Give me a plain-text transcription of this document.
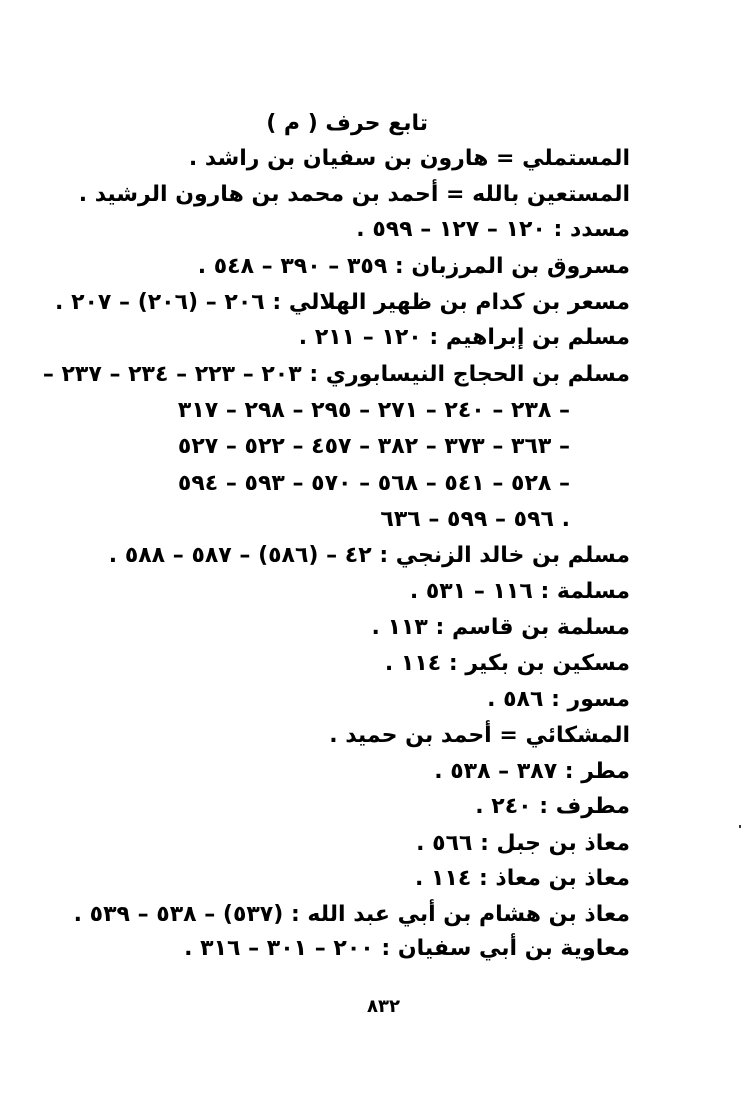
تابع حرف ( م )
المستملي = هارون بن سفيان بن راشد .
المستعين بالله = أحمد بن محمد بن هارون الرشيد .
مسدد : ١٢٠ – ١٢٧ – ٥٩٩ .
مسروق بن المرزبان : ٣٥٩ – ٣٩٠ – ٥٤٨ .
مسعر بن كدام بن ظهير الهلالي : ٢٠٦ – (٢٠٦) – ٢٠٧ .
مسلم بن إبراهيم : ١٢٠ – ٢١١ .
مسلم بن الحجاج النيسابوري : ٢٠٣ – ٢٢٣ – ٢٣٤ – ٢٣٧ –
٢٣٨ – ٢٤٠ – ٢٧١ – ٢٩٥ – ٢٩٨ – ٣١٧ –
٣٦٣ – ٣٧٣ – ٣٨٢ – ٤٥٧ – ٥٢٢ – ٥٢٧ –
٥٢٨ – ٥٤١ – ٥٦٨ – ٥٧٠ – ٥٩٣ – ٥٩٤ –
٥٩٦ – ٥٩٩ – ٦٣٦ .
مسلم بن خالد الزنجي : ٤٢ – (٥٨٦) – ٥٨٧ – ٥٨٨ .
مسلمة : ١١٦ – ٥٣١ .
مسلمة بن قاسم : ١١٣ .
مسكين بن بكير : ١١٤ .
مسور : ٥٨٦ .
المشكائي = أحمد بن حميد .
مطر : ٣٨٧ – ٥٣٨ .
مطرف : ٢٤٠ .
معاذ بن جبل : ٥٦٦ .
معاذ بن معاذ : ١١٤ .
معاذ بن هشام بن أبي عبد الله : (٥٣٧) – ٥٣٨ – ٥٣٩ .
معاوية بن أبي سفيان : ٢٠٠ – ٣٠١ – ٣١٦ .
٨٣٢
